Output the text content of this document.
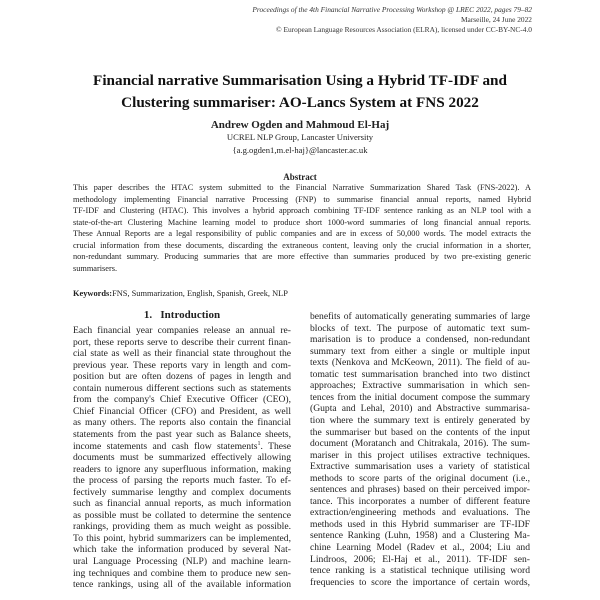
Proceedings of the 4th Financial Narrative Processing Workshop @ LREC 2022, pages 79–82
Marseille, 24 June 2022
© European Language Resources Association (ELRA), licensed under CC-BY-NC-4.0
Financial narrative Summarisation Using a Hybrid TF-IDF and
Clustering summariser: AO-Lancs System at FNS 2022
Andrew Ogden and Mahmoud El-Haj
UCREL NLP Group, Lancaster University
{a.g.ogden1,m.el-haj}@lancaster.ac.uk
Abstract
This paper describes the HTAC system submitted to the Financial Narrative Summarization Shared Task (FNS-2022). A
methodology implementing Financial narrative Processing (FNP) to summarise financial annual reports, named Hybrid
TF-IDF and Clustering (HTAC). This involves a hybrid approach combining TF-IDF sentence ranking as an NLP tool with a
state-of-the-art Clustering Machine learning model to produce short 1000-word summaries of long financial annual reports.
These Annual Reports are a legal responsibility of public companies and are in excess of 50,000 words. The model extracts the
crucial information from these documents, discarding the extraneous content, leaving only the crucial information in a shorter,
non-redundant summary. Producing summaries that are more effective than summaries produced by two pre-existing generic
summarisers.
Keywords:FNS, Summarization, English, Spanish, Greek, NLP
1.   Introduction
Each financial year companies release an annual re-
port, these reports serve to describe their current finan-
cial state as well as their financial state throughout the
previous year. These reports vary in length and com-
position but are often dozens of pages in length and
contain numerous different sections such as statements
from the company's Chief Executive Officer (CEO),
Chief Financial Officer (CFO) and President, as well
as many others. The reports also contain the financial
statements from the past year such as Balance sheets,
income statements and cash flow statements$^1$. These
documents must be summarized effectively allowing
readers to ignore any superfluous information, making
the process of parsing the reports much faster. To ef-
fectively summarise lengthy and complex documents
such as financial annual reports, as much information
as possible must be collated to determine the sentence
rankings, providing them as much weight as possible.
To this point, hybrid summarizers can be implemented,
which take the information produced by several Nat-
ural Language Processing (NLP) and machine learn-
ing techniques and combine them to produce new sen-
tence rankings, using all of the available information
benefits of automatically generating summaries of large
blocks of text. The purpose of automatic text sum-
marisation is to produce a condensed, non-redundant
summary text from either a single or multiple input
texts (Nenkova and McKeown, 2011). The field of au-
tomatic test summarisation branched into two distinct
approaches; Extractive summarisation in which sen-
tences from the initial document compose the summary
(Gupta and Lehal, 2010) and Abstractive summarisa-
tion where the summary text is entirely generated by
the summariser but based on the contents of the input
document (Moratanch and Chitrakala, 2016). The sum-
mariser in this project utilises extractive techniques.
Extractive summarisation uses a variety of statistical
methods to score parts of the original document (i.e.,
sentences and phrases) based on their perceived impor-
tance. This incorporates a number of different feature
extraction/engineering methods and evaluations. The
methods used in this Hybrid summariser are TF-IDF
sentence Ranking (Luhn, 1958) and a Clustering Ma-
chine Learning Model (Radev et al., 2004; Liu and
Lindroos, 2006; El-Haj et al., 2011). TF-IDF sen-
tence ranking is a statistical technique utilising word
frequencies to score the importance of certain words,
